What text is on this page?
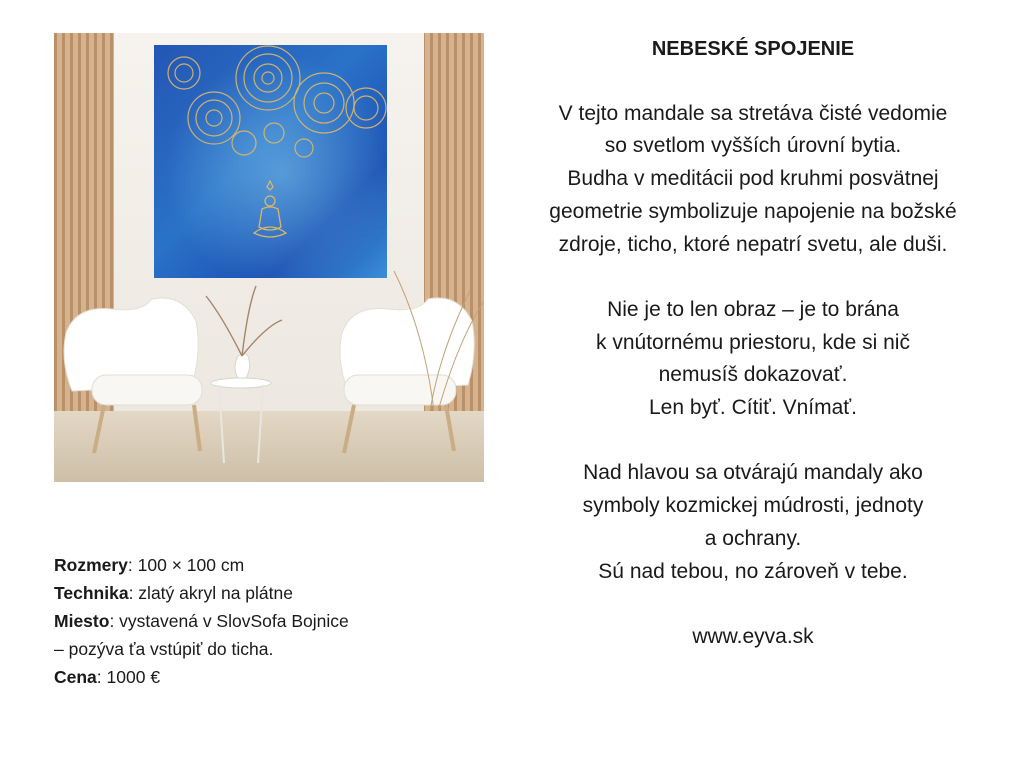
Rozmery: 100 × 100 cm
Technika: zlatý akryl na plátne
Miesto: vystavená v SlovSofa Bojnice
– pozýva ťa vstúpiť do ticha.
Cena: 1000 €
NEBESKÉ SPOJENIE
V tejto mandale sa stretáva čisté vedomie
so svetlom vyšších úrovní bytia.
Budha v meditácii pod kruhmi posvätnej
geometrie symbolizuje napojenie na božské
zdroje, ticho, ktoré nepatrí svetu, ale duši.
Nie je to len obraz – je to brána
k vnútornému priestoru, kde si nič
nemusíš dokazovať.
Len byť. Cítiť. Vnímať.
Nad hlavou sa otvárajú mandaly ako
symboly kozmickej múdrosti, jednoty
a ochrany.
Sú nad tebou, no zároveň v tebe.
www.eyva.sk
